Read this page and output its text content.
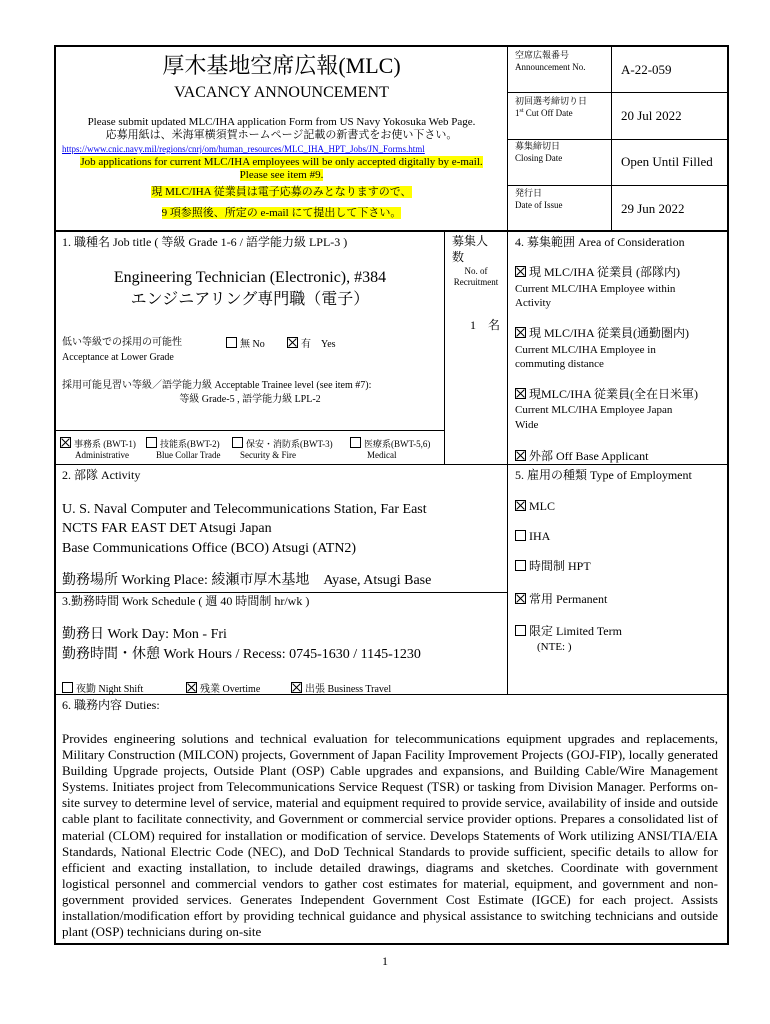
厚木基地空席広報(MLC)
VACANCY ANNOUNCEMENT
Please submit updated MLC/IHA application Form from US Navy Yokosuka Web Page.
応募用紙は、米海軍横須賀ホームページ記載の新書式をお使い下さい。
https://www.cnic.navy.mil/regions/cnrj/om/human_resources/MLC_IHA_HPT_Jobs/JN_Forms.html
Job applications for current MLC/IHA employees will be only accepted digitally by e-mail.
Please see item #9.
現 MLC/IHA 従業員は電子応募のみとなりますので、
9 項参照後、所定の e-mail にて提出して下さい。
空席広報番号
Announcement No.	A-22-059
初回選考締切り日
1st Cut Off Date	20 Jul 2022
募集締切日
Closing Date	Open Until Filled
発行日
Date of Issue	29 Jun 2022
1. 職種名 Job title ( 等級 Grade 1-6 / 語学能力級 LPL-3 )
Engineering Technician (Electronic), #384
エンジニアリング専門職（電子）
低い等級での採用の可能性
Acceptance at Lower Grade
無 No	有　Yes
採用可能見習い等級／語学能力級 Acceptable Trainee level (see item #7):
等級 Grade-5 , 語学能力級 LPL-2
事務系 (BWT-1)
Administrative
技能系(BWT-2)
Blue Collar Trade
保安・消防系(BWT-3)
Security & Fire
医療系(BWT-5,6)
Medical
募集人
数
No. of
Recruitment
1　名
4. 募集範囲 Area of Consideration
現 MLC/IHA 従業員 (部隊内)
Current MLC/IHA Employee within
Activity
現 MLC/IHA 従業員(通勤圏内)
Current MLC/IHA Employee in
commuting distance
現MLC/IHA 従業員(全在日米軍)
Current MLC/IHA Employee Japan
Wide
外部 Off Base Applicant
2. 部隊 Activity
U. S. Naval Computer and Telecommunications Station, Far East
NCTS FAR EAST DET Atsugi Japan
Base Communications Office (BCO) Atsugi (ATN2)
勤務場所 Working Place: 綾瀬市厚木基地　Ayase, Atsugi Base
5. 雇用の種類 Type of Employment
MLC
IHA
時間制 HPT
常用 Permanent
限定 Limited Term
(NTE: )
3.勤務時間 Work Schedule ( 週 40 時間制 hr/wk )
勤務日 Work Day: Mon - Fri
勤務時間・休憩 Work Hours / Recess: 0745-1630 / 1145-1230
夜勤 Night Shift	残業 Overtime	出張 Business Travel
6. 職務内容 Duties:
Provides engineering solutions and technical evaluation for telecommunications equipment upgrades and replacements, Military Construction (MILCON) projects, Government of Japan Facility Improvement Projects (GOJ-FIP), locally generated Building Upgrade projects, Outside Plant (OSP) Cable upgrades and expansions, and Building Cable/Wire Management Systems. Initiates project from Telecommunications Service Request (TSR) or tasking from Division Manager. Performs on-site survey to determine level of service, material and equipment required to provide service, availability of inside and outside cable plant to facilitate connectivity, and Government or commercial service provider options. Prepares a consolidated list of material (CLOM) required for installation or modification of service. Develops Statements of Work utilizing ANSI/TIA/EIA Standards, National Electric Code (NEC), and DoD Technical Standards to provide sufficient, specific details to allow for efficient and exacting installation, to include detailed drawings, diagrams and sketches. Coordinate with government logistical personnel and commercial vendors to gather cost estimates for material, equipment, and government and non-government provided services. Generates Independent Government Cost Estimate (IGCE) for each project. Assists installation/modification effort by providing technical guidance and physical assistance to switching technicians and outside plant (OSP) technicians during on-site
1
